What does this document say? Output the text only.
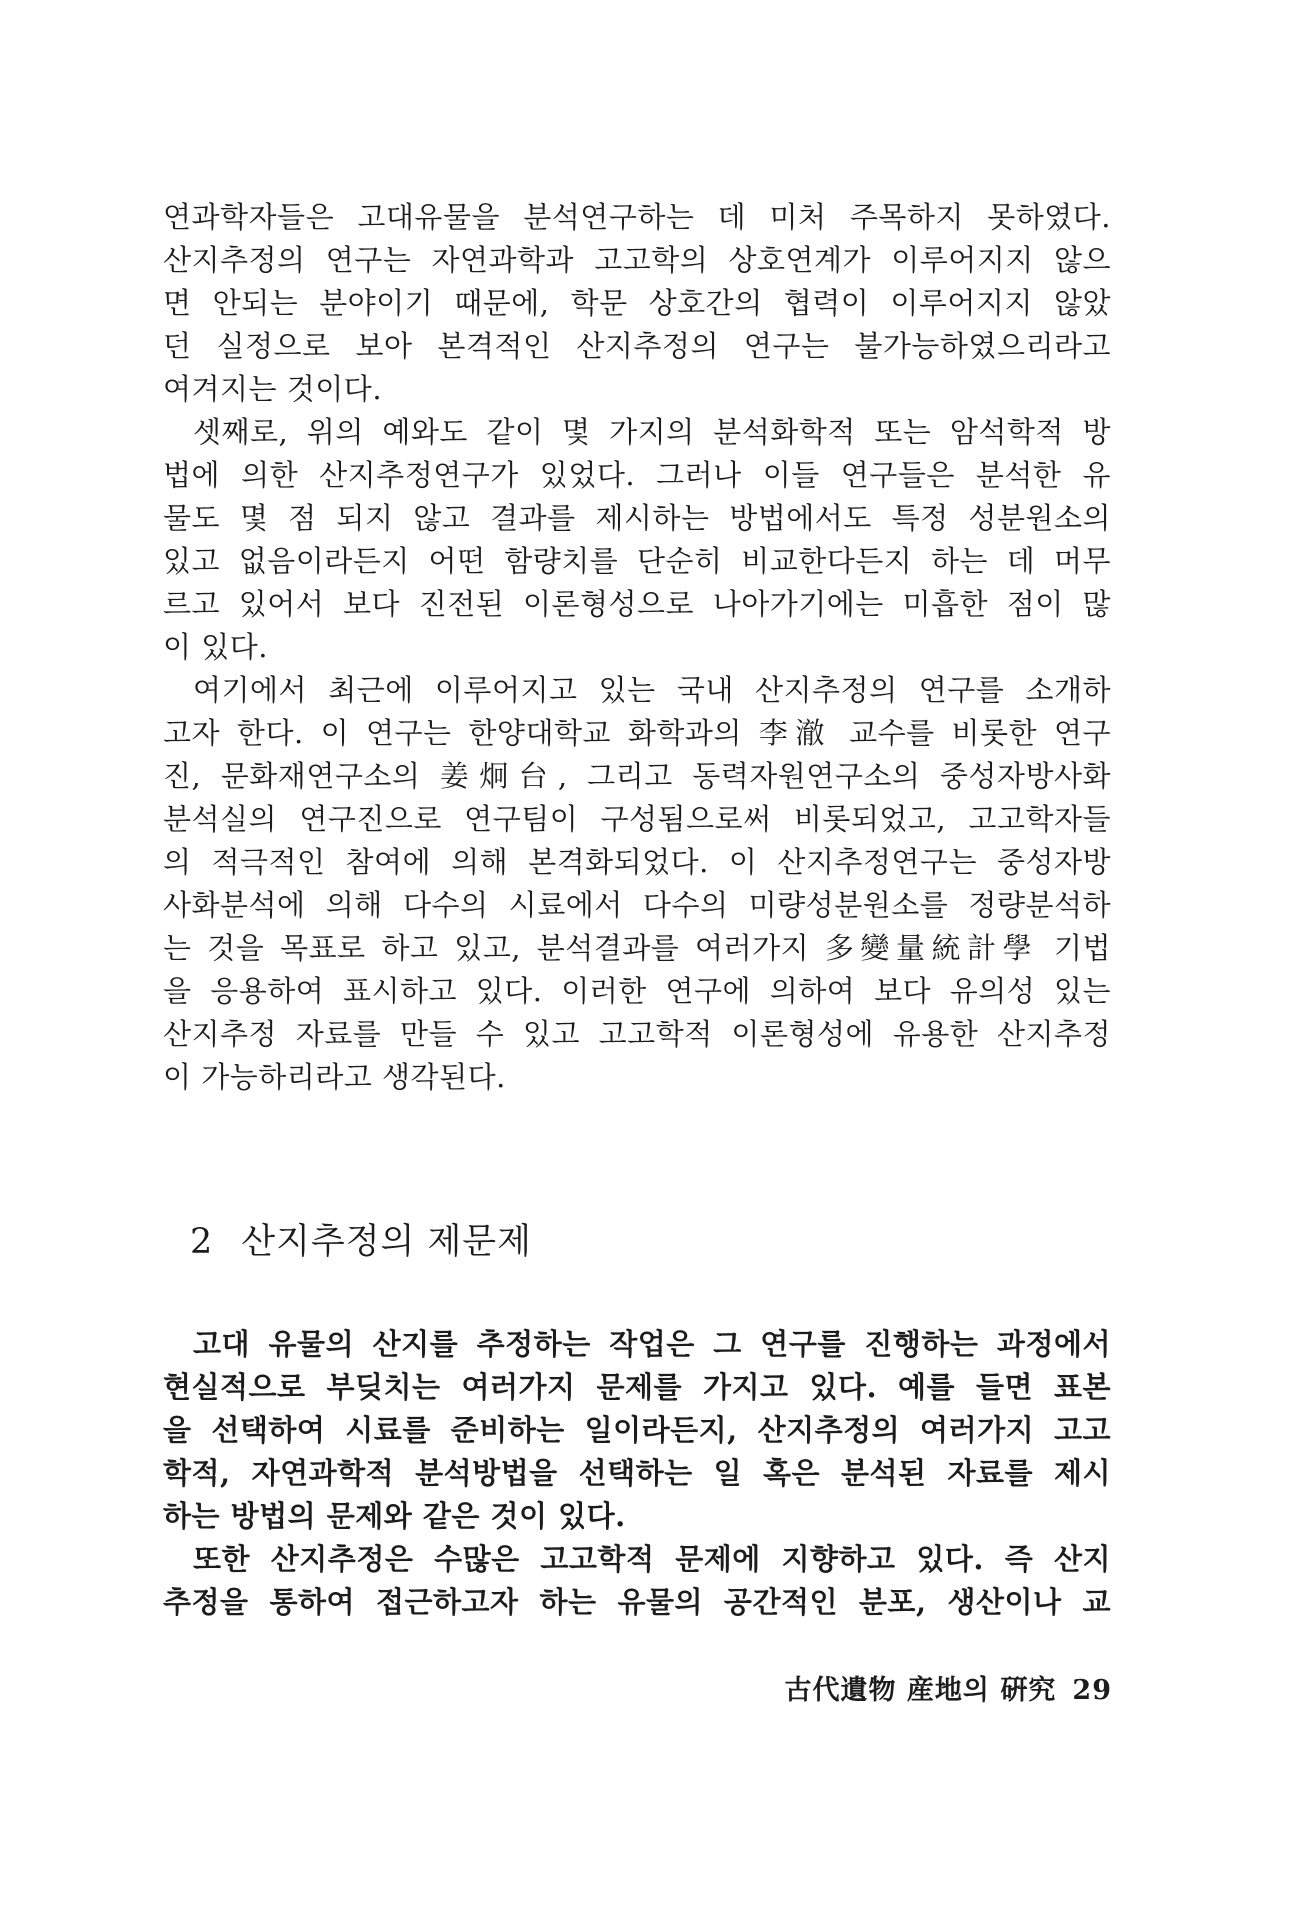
연과학자들은 고대유물을 분석연구하는 데 미처 주목하지 못하였다.
산지추정의 연구는 자연과학과 고고학의 상호연계가 이루어지지 않으
면 안되는 분야이기 때문에, 학문 상호간의 협력이 이루어지지 않았
던 실정으로 보아 본격적인 산지추정의 연구는 불가능하였으리라고
여겨지는 것이다.
셋째로, 위의 예와도 같이 몇 가지의 분석화학적 또는 암석학적 방
법에 의한 산지추정연구가 있었다. 그러나 이들 연구들은 분석한 유
물도 몇 점 되지 않고 결과를 제시하는 방법에서도 특정 성분원소의
있고 없음이라든지 어떤 함량치를 단순히 비교한다든지 하는 데 머무
르고 있어서 보다 진전된 이론형성으로 나아가기에는 미흡한 점이 많
이 있다.
여기에서 최근에 이루어지고 있는 국내 산지추정의 연구를 소개하
고자 한다. 이 연구는 한양대학교 화학과의 李澈 교수를 비롯한 연구
진, 문화재연구소의 姜炯台, 그리고 동력자원연구소의 중성자방사화
분석실의 연구진으로 연구팀이 구성됨으로써 비롯되었고, 고고학자들
의 적극적인 참여에 의해 본격화되었다. 이 산지추정연구는 중성자방
사화분석에 의해 다수의 시료에서 다수의 미량성분원소를 정량분석하
는 것을 목표로 하고 있고, 분석결과를 여러가지 多變量統計學 기법
을 응용하여 표시하고 있다. 이러한 연구에 의하여 보다 유의성 있는
산지추정 자료를 만들 수 있고 고고학적 이론형성에 유용한 산지추정
이 가능하리라고 생각된다.
2 산지추정의 제문제
고대 유물의 산지를 추정하는 작업은 그 연구를 진행하는 과정에서
현실적으로 부딪치는 여러가지 문제를 가지고 있다. 예를 들면 표본
을 선택하여 시료를 준비하는 일이라든지, 산지추정의 여러가지 고고
학적, 자연과학적 분석방법을 선택하는 일 혹은 분석된 자료를 제시
하는 방법의 문제와 같은 것이 있다.
또한 산지추정은 수많은 고고학적 문제에 지향하고 있다. 즉 산지
추정을 통하여 접근하고자 하는 유물의 공간적인 분포, 생산이나 교
古代遺物 産地의 硏究 29
